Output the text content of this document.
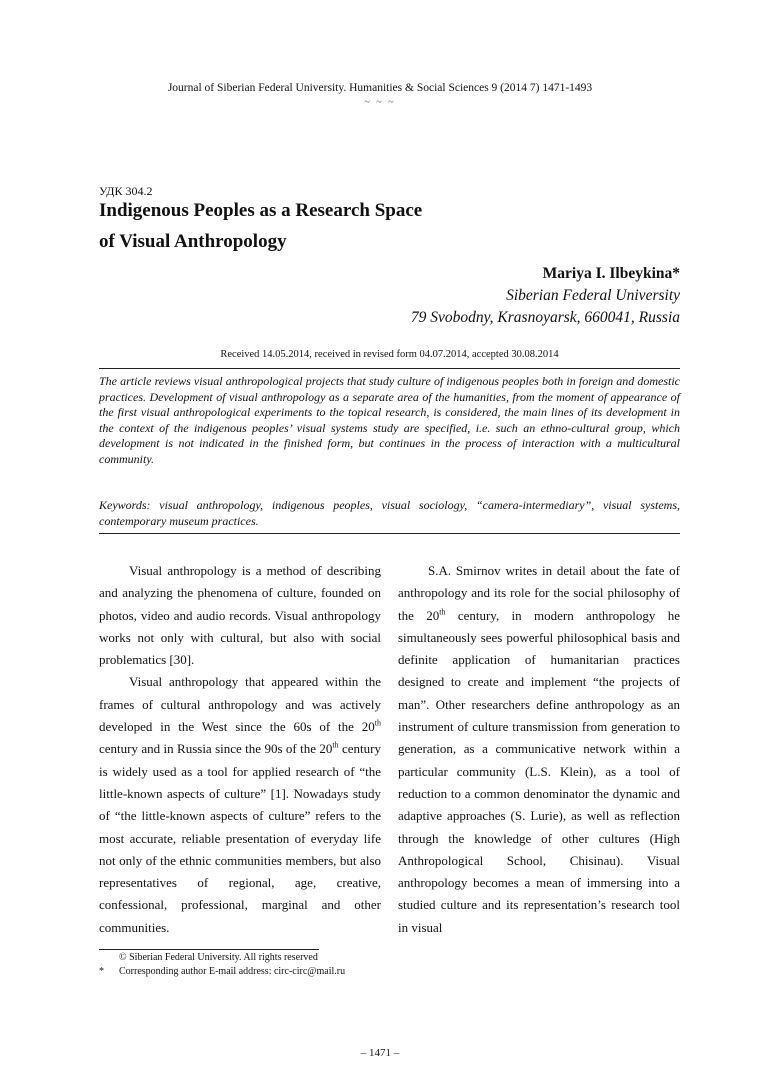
Journal of Siberian Federal University. Humanities & Social Sciences 9 (2014 7) 1471-1493
~ ~ ~
УДК 304.2
Indigenous Peoples as a Research Space
of Visual Anthropology
Mariya I. Ilbeykina*
Siberian Federal University
79 Svobodny, Krasnoyarsk, 660041, Russia
Received 14.05.2014, received in revised form 04.07.2014, accepted 30.08.2014
The article reviews visual anthropological projects that study culture of indigenous peoples both in foreign and domestic practices. Development of visual anthropology as a separate area of the humanities, from the moment of appearance of the first visual anthropological experiments to the topical research, is considered, the main lines of its development in the context of the indigenous peoples’ visual systems study are specified, i.e. such an ethno-cultural group, which development is not indicated in the finished form, but continues in the process of interaction with a multicultural community.
Keywords: visual anthropology, indigenous peoples, visual sociology, “camera-intermediary”, visual systems, contemporary museum practices.

Visual anthropology is a method of describing and analyzing the phenomena of culture, founded on photos, video and audio records. Visual anthropology works not only with cultural, but also with social problematics [30].

Visual anthropology that appeared within the frames of cultural anthropology and was actively developed in the West since the 60s of the 20th century and in Russia since the 90s of the 20th century is widely used as a tool for applied research of “the little-known aspects of culture” [1]. Nowadays study of “the little-known aspects of culture” refers to the most accurate, reliable presentation of everyday life not only of the ethnic communities members, but also representatives of regional, age, creative, confessional, professional, marginal and other communities.

S.A. Smirnov writes in detail about the fate of anthropology and its role for the social philosophy of the 20th century, in modern anthropology he simultaneously sees powerful philosophical basis and definite application of humanitarian practices designed to create and implement “the projects of man”. Other researchers define anthropology as an instrument of culture transmission from generation to generation, as a communicative network within a particular community (L.S. Klein), as a tool of reduction to a common denominator the dynamic and adaptive approaches (S. Lurie), as well as reflection through the knowledge of other cultures (High Anthropological School, Chisinau). Visual anthropology becomes a mean of immersing into a studied culture and its representation’s research tool in visual

© Siberian Federal University. All rights reserved
* Corresponding author E-mail address: circ-circ@mail.ru
– 1471 –
